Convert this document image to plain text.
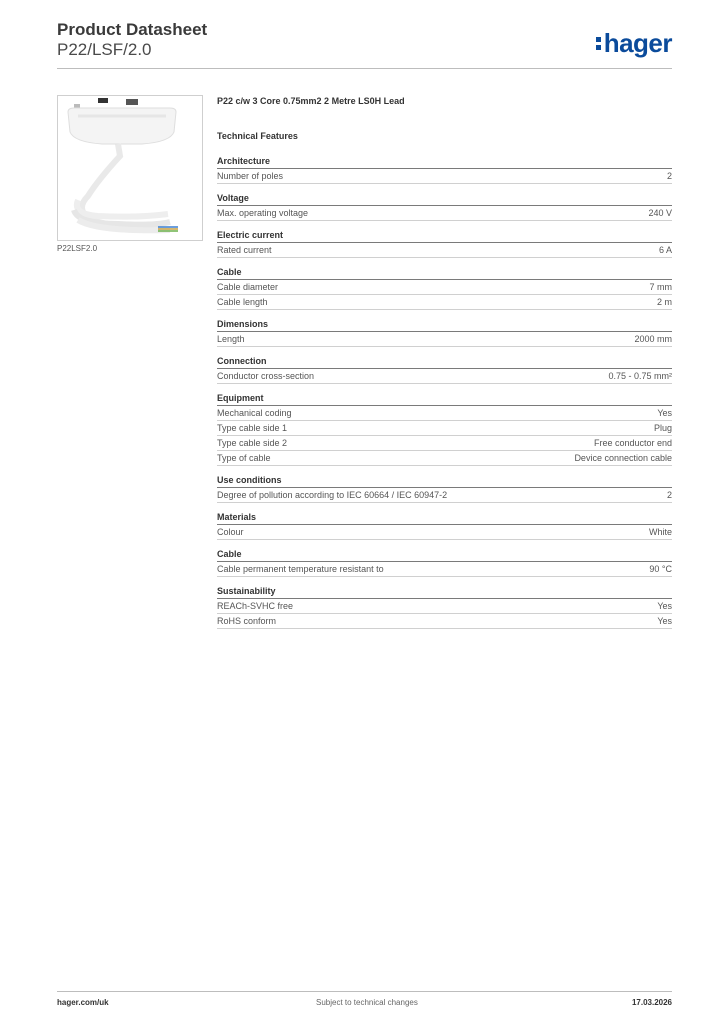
Product Datasheet
P22/LSF/2.0	hager
P22LSF2.0
P22 c/w 3 Core 0.75mm2 2 Metre LS0H Lead
Technical Features
Architecture
Number of poles	2
Voltage
Max. operating voltage	240 V
Electric current
Rated current	6 A
Cable
Cable diameter	7 mm
Cable length	2 m
Dimensions
Length	2000 mm
Connection
Conductor cross-section	0.75 - 0.75 mm²
Equipment
Mechanical coding	Yes
Type cable side 1	Plug
Type cable side 2	Free conductor end
Type of cable	Device connection cable
Use conditions
Degree of pollution according to IEC 60664 / IEC 60947-2	2
Materials
Colour	White
Cable
Cable permanent temperature resistant to	90 °C
Sustainability
REACh-SVHC free	Yes
RoHS conform	Yes
hager.com/uk	Subject to technical changes	17.03.2026
